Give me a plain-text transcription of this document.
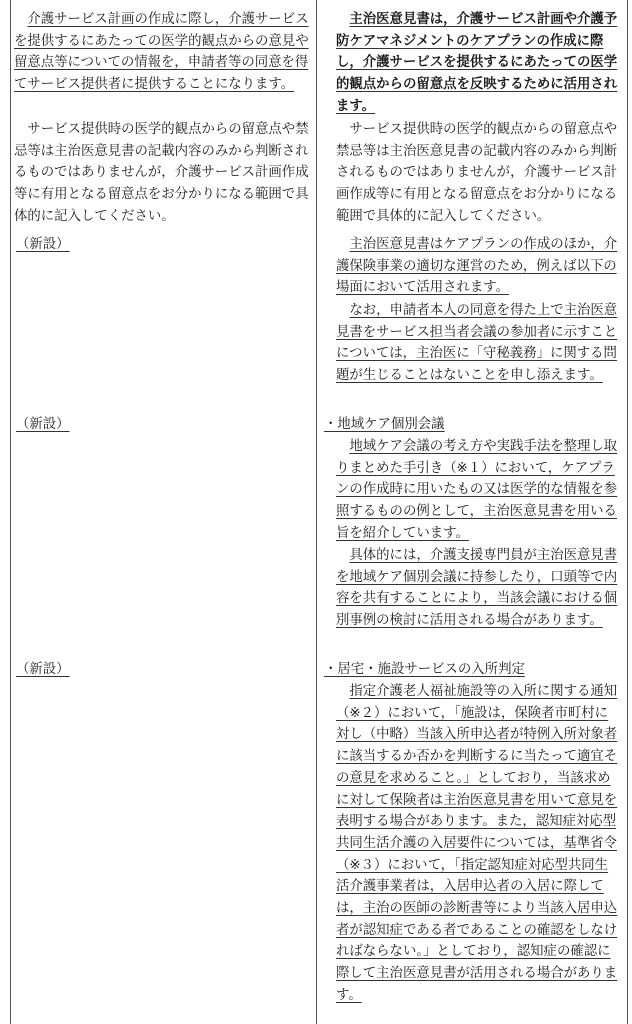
介護サービス計画の作成に際し，介護サービスを提供するにあたっての医学的観点からの意見や留意点等についての情報を，申請者等の同意を得てサービス提供者に提供することになります。

サービス提供時の医学的観点からの留意点や禁忌等は主治医意見書の記載内容のみから判断されるものではありませんが，介護サービス計画作成等に有用となる留意点をお分かりになる範囲で具体的に記入してください。

（新設）

（新設）

（新設）

主治医意見書は，介護サービス計画や介護予防ケアマネジメントのケアプランの作成に際し，介護サービスを提供するにあたっての医学的観点からの留意点を反映するために活用されます。

サービス提供時の医学的観点からの留意点や禁忌等は主治医意見書の記載内容のみから判断されるものではありませんが，介護サービス計画作成等に有用となる留意点をお分かりになる範囲で具体的に記入してください。

主治医意見書はケアプランの作成のほか，介護保険事業の適切な運営のため，例えば以下の場面において活用されます。

なお，申請者本人の同意を得た上で主治医意見書をサービス担当者会議の参加者に示すことについては，主治医に「守秘義務」に関する問題が生じることはないことを申し添えます。

・地域ケア個別会議

地域ケア会議の考え方や実践手法を整理し取りまとめた手引き（※１）において，ケアプランの作成時に用いたもの又は医学的な情報を参照するものの例として，主治医意見書を用いる旨を紹介しています。

具体的には，介護支援専門員が主治医意見書を地域ケア個別会議に持参したり，口頭等で内容を共有することにより，当該会議における個別事例の検討に活用される場合があります。

・居宅・施設サービスの入所判定

指定介護老人福祉施設等の入所に関する通知（※２）において，「施設は，保険者市町村に対し（中略）当該入所申込者が特例入所対象者に該当するか否かを判断するに当たって適宜その意見を求めること。」としており，当該求めに対して保険者は主治医意見書を用いて意見を表明する場合があります。また，認知症対応型共同生活介護の入居要件については，基準省令（※３）において，「指定認知症対応型共同生活介護事業者は，入居申込者の入居に際しては，主治の医師の診断書等により当該入居申込者が認知症である者であることの確認をしなければならない。」としており，認知症の確認に際して主治医意見書が活用される場合があります。
